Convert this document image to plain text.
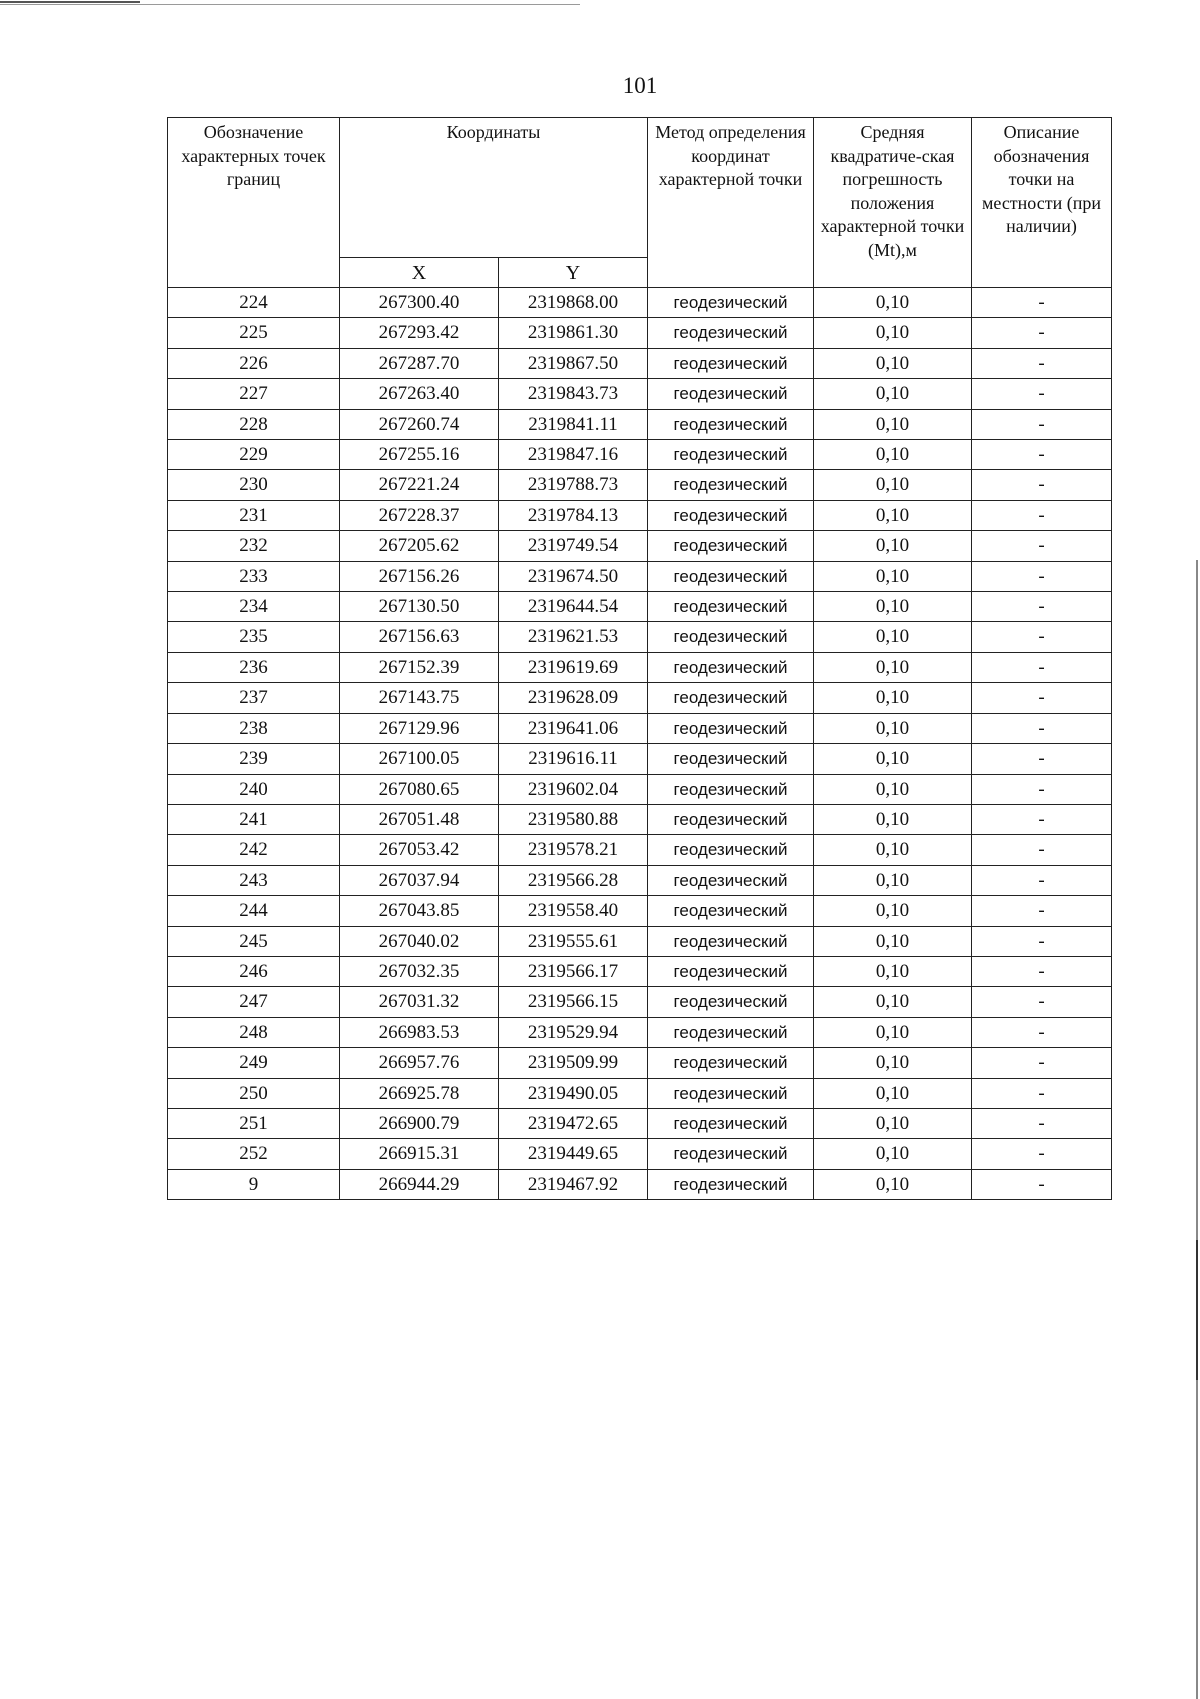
101
Обозначение характерных точек границ	Координаты		Метод определения координат характерной точки	Средняя квадратиче-ская погрешность положения характерной точки (Mt),м	Описание обозначения точки на местности (при наличии)

	X	Y			
224	267300.40	2319868.00	геодезический	0,10	-
225	267293.42	2319861.30	геодезический	0,10	-
226	267287.70	2319867.50	геодезический	0,10	-
227	267263.40	2319843.73	геодезический	0,10	-
228	267260.74	2319841.11	геодезический	0,10	-
229	267255.16	2319847.16	геодезический	0,10	-
230	267221.24	2319788.73	геодезический	0,10	-
231	267228.37	2319784.13	геодезический	0,10	-
232	267205.62	2319749.54	геодезический	0,10	-
233	267156.26	2319674.50	геодезический	0,10	-
234	267130.50	2319644.54	геодезический	0,10	-
235	267156.63	2319621.53	геодезический	0,10	-
236	267152.39	2319619.69	геодезический	0,10	-
237	267143.75	2319628.09	геодезический	0,10	-
238	267129.96	2319641.06	геодезический	0,10	-
239	267100.05	2319616.11	геодезический	0,10	-
240	267080.65	2319602.04	геодезический	0,10	-
241	267051.48	2319580.88	геодезический	0,10	-
242	267053.42	2319578.21	геодезический	0,10	-
243	267037.94	2319566.28	геодезический	0,10	-
244	267043.85	2319558.40	геодезический	0,10	-
245	267040.02	2319555.61	геодезический	0,10	-
246	267032.35	2319566.17	геодезический	0,10	-
247	267031.32	2319566.15	геодезический	0,10	-
248	266983.53	2319529.94	геодезический	0,10	-
249	266957.76	2319509.99	геодезический	0,10	-
250	266925.78	2319490.05	геодезический	0,10	-
251	266900.79	2319472.65	геодезический	0,10	-
252	266915.31	2319449.65	геодезический	0,10	-
9	266944.29	2319467.92	геодезический	0,10	-
